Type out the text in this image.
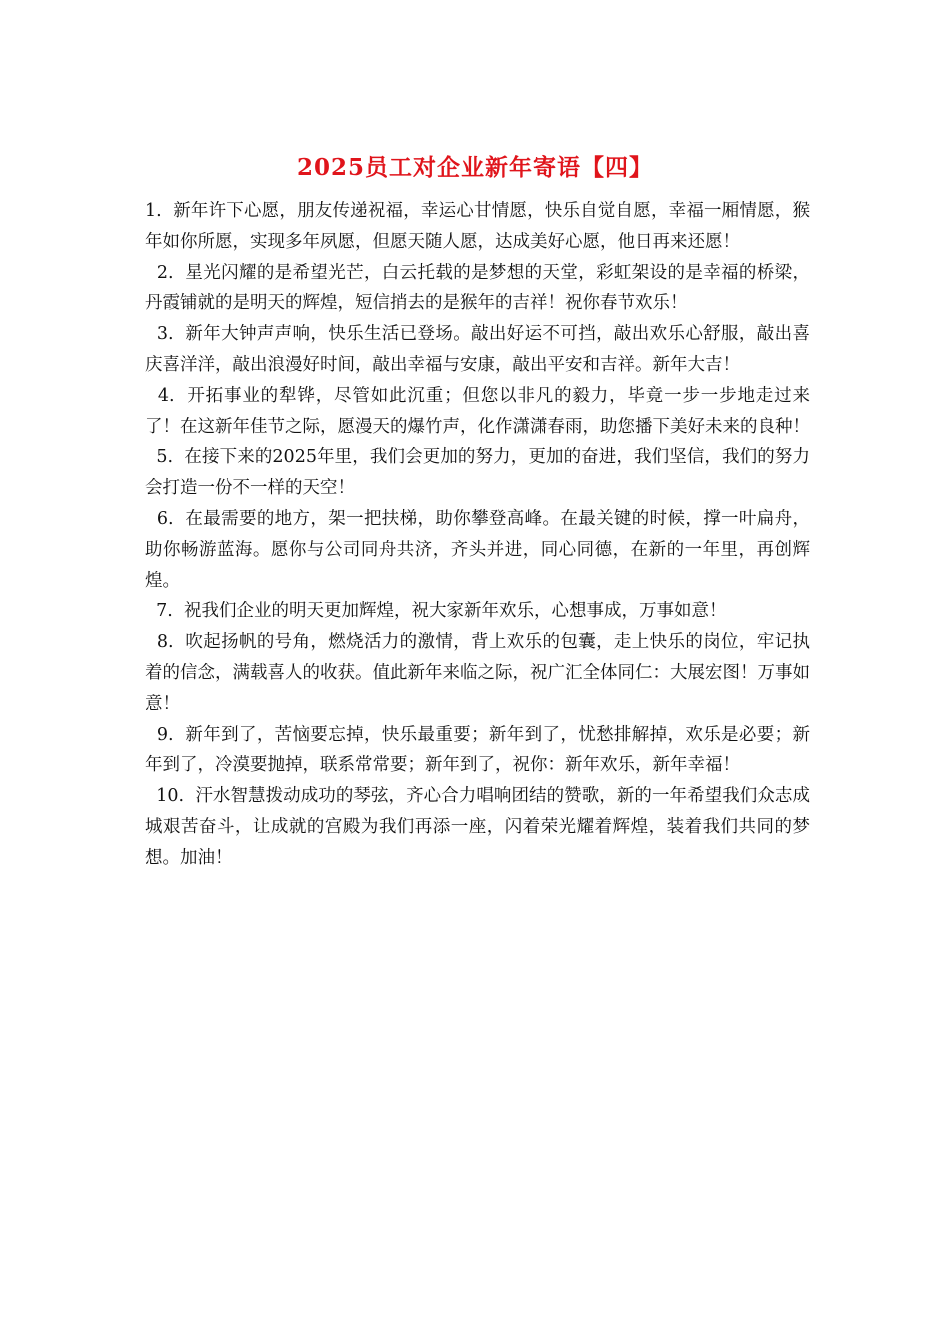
2025员工对企业新年寄语【四】

1. 新年许下心愿，朋友传递祝福，幸运心甘情愿，快乐自觉自愿，幸福一厢情愿，猴年如你所愿，实现多年夙愿，但愿天随人愿，达成美好心愿，他日再来还愿！

2. 星光闪耀的是希望光芒，白云托载的是梦想的天堂，彩虹架设的是幸福的桥梁，丹霞铺就的是明天的辉煌，短信捎去的是猴年的吉祥！祝你春节欢乐！

3. 新年大钟声声响，快乐生活已登场。敲出好运不可挡，敲出欢乐心舒服，敲出喜庆喜洋洋，敲出浪漫好时间，敲出幸福与安康，敲出平安和吉祥。新年大吉！

4. 开拓事业的犁铧，尽管如此沉重；但您以非凡的毅力，毕竟一步一步地走过来了！在这新年佳节之际，愿漫天的爆竹声，化作潇潇春雨，助您播下美好未来的良种！

5. 在接下来的2025年里，我们会更加的努力，更加的奋进，我们坚信，我们的努力会打造一份不一样的天空！

6. 在最需要的地方，架一把扶梯，助你攀登高峰。在最关键的时候，撑一叶扁舟，助你畅游蓝海。愿你与公司同舟共济，齐头并进，同心同德，在新的一年里，再创辉煌。

7. 祝我们企业的明天更加辉煌，祝大家新年欢乐，心想事成，万事如意！

8. 吹起扬帆的号角，燃烧活力的激情，背上欢乐的包囊，走上快乐的岗位，牢记执着的信念，满载喜人的收获。值此新年来临之际，祝广汇全体同仁：大展宏图！万事如意！

9. 新年到了，苦恼要忘掉，快乐最重要；新年到了，忧愁排解掉，欢乐是必要；新年到了，冷漠要抛掉，联系常常要；新年到了，祝你：新年欢乐，新年幸福！

10. 汗水智慧拨动成功的琴弦，齐心合力唱响团结的赞歌，新的一年希望我们众志成城艰苦奋斗，让成就的宫殿为我们再添一座，闪着荣光耀着辉煌，装着我们共同的梦想。加油！
